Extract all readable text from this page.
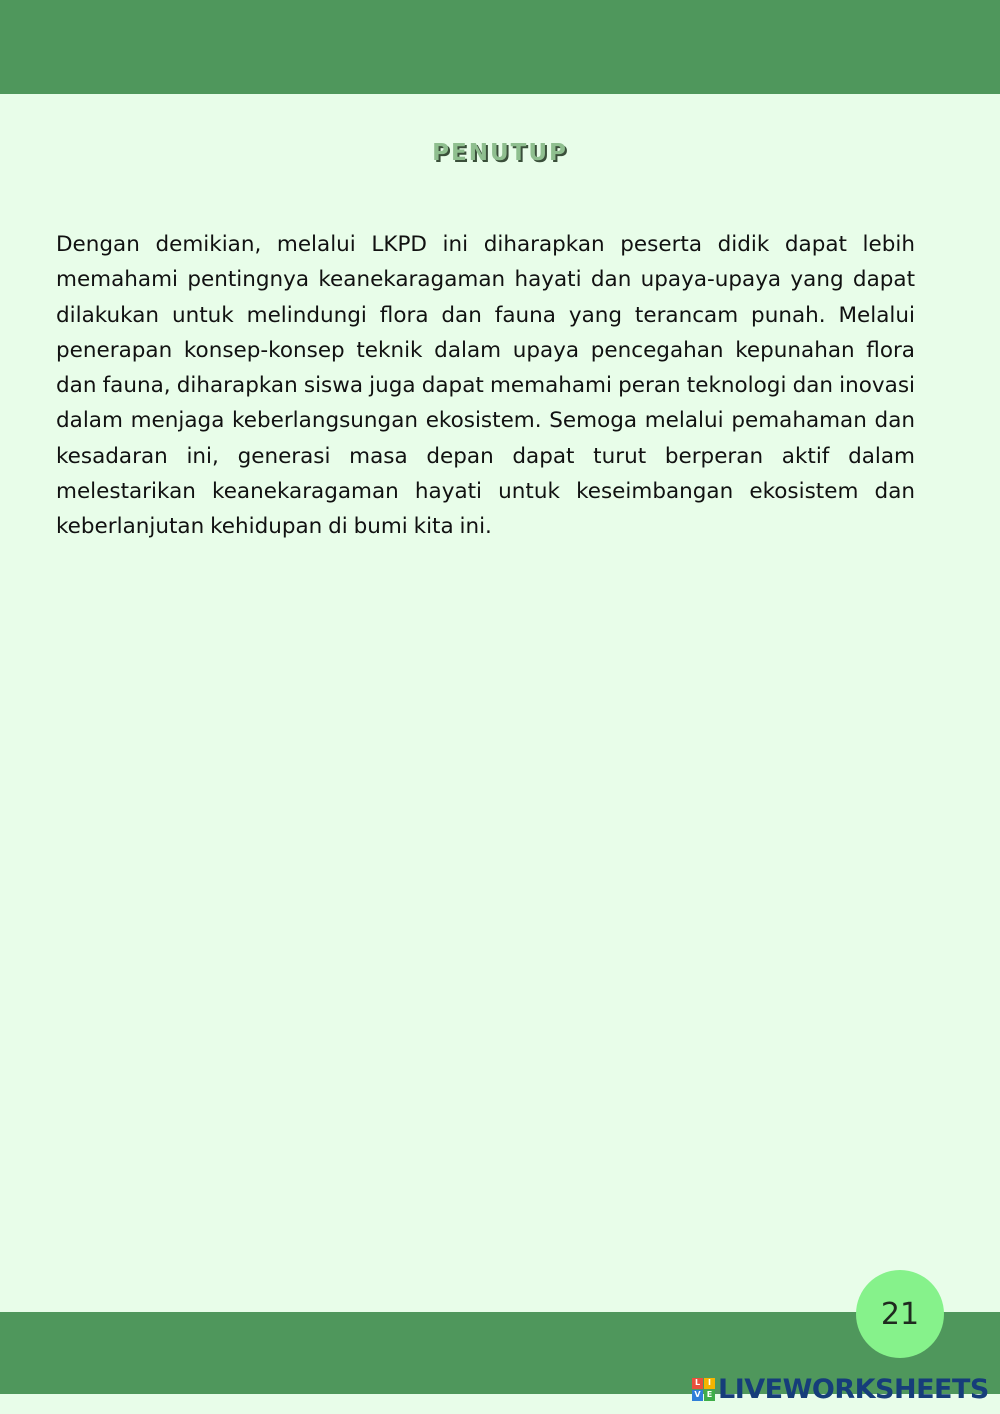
PENUTUP

Dengan demikian, melalui LKPD ini diharapkan peserta didik dapat lebih memahami pentingnya keanekaragaman hayati dan upaya-upaya yang dapat dilakukan untuk melindungi flora dan fauna yang terancam punah. Melalui penerapan konsep-konsep teknik dalam upaya pencegahan kepunahan flora dan fauna, diharapkan siswa juga dapat memahami peran teknologi dan inovasi dalam menjaga keberlangsungan ekosistem. Semoga melalui pemahaman dan kesadaran ini, generasi masa depan dapat turut berperan aktif dalam melestarikan keanekaragaman hayati untuk keseimbangan ekosistem dan keberlanjutan kehidupan di bumi kita ini.

21
L I
V E LIVEWORKSHEETS
